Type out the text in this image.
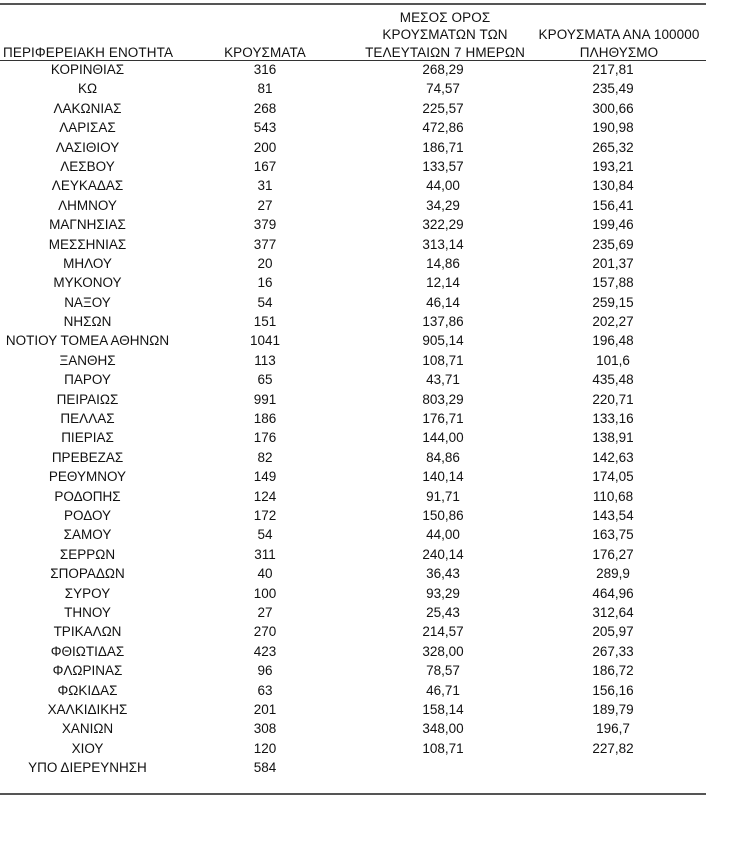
ΠΕΡΙΦΕΡΕΙΑΚΗ ΕΝΟΤΗΤΑ	ΚΡΟΥΣΜΑΤΑ
ΜΕΣΟΣ ΟΡΟΣ
ΚΡΟΥΣΜΑΤΩΝ ΤΩΝ
ΤΕΛΕΥΤΑΙΩΝ 7 ΗΜΕΡΩΝ
ΚΡΟΥΣΜΑΤΑ ΑΝΑ 100000
ΠΛΗΘΥΣΜΟ
ΚΟΡΙΝΘΙΑΣ	316	268,29	217,81
ΚΩ	81	74,57	235,49
ΛΑΚΩΝΙΑΣ	268	225,57	300,66
ΛΑΡΙΣΑΣ	543	472,86	190,98
ΛΑΣΙΘΙΟΥ	200	186,71	265,32
ΛΕΣΒΟΥ	167	133,57	193,21
ΛΕΥΚΑΔΑΣ	31	44,00	130,84
ΛΗΜΝΟΥ	27	34,29	156,41
ΜΑΓΝΗΣΙΑΣ	379	322,29	199,46
ΜΕΣΣΗΝΙΑΣ	377	313,14	235,69
ΜΗΛΟΥ	20	14,86	201,37
ΜΥΚΟΝΟΥ	16	12,14	157,88
ΝΑΞΟΥ	54	46,14	259,15
ΝΗΣΩΝ	151	137,86	202,27
ΝΟΤΙΟΥ ΤΟΜΕΑ ΑΘΗΝΩΝ	1041	905,14	196,48
ΞΑΝΘΗΣ	113	108,71	101,6
ΠΑΡΟΥ	65	43,71	435,48
ΠΕΙΡΑΙΩΣ	991	803,29	220,71
ΠΕΛΛΑΣ	186	176,71	133,16
ΠΙΕΡΙΑΣ	176	144,00	138,91
ΠΡΕΒΕΖΑΣ	82	84,86	142,63
ΡΕΘΥΜΝΟΥ	149	140,14	174,05
ΡΟΔΟΠΗΣ	124	91,71	110,68
ΡΟΔΟΥ	172	150,86	143,54
ΣΑΜΟΥ	54	44,00	163,75
ΣΕΡΡΩΝ	311	240,14	176,27
ΣΠΟΡΑΔΩΝ	40	36,43	289,9
ΣΥΡΟΥ	100	93,29	464,96
ΤΗΝΟΥ	27	25,43	312,64
ΤΡΙΚΑΛΩΝ	270	214,57	205,97
ΦΘΙΩΤΙΔΑΣ	423	328,00	267,33
ΦΛΩΡΙΝΑΣ	96	78,57	186,72
ΦΩΚΙΔΑΣ	63	46,71	156,16
ΧΑΛΚΙΔΙΚΗΣ	201	158,14	189,79
ΧΑΝΙΩΝ	308	348,00	196,7
ΧΙΟΥ	120	108,71	227,82
ΥΠΟ ΔΙΕΡΕΥΝΗΣΗ	584
